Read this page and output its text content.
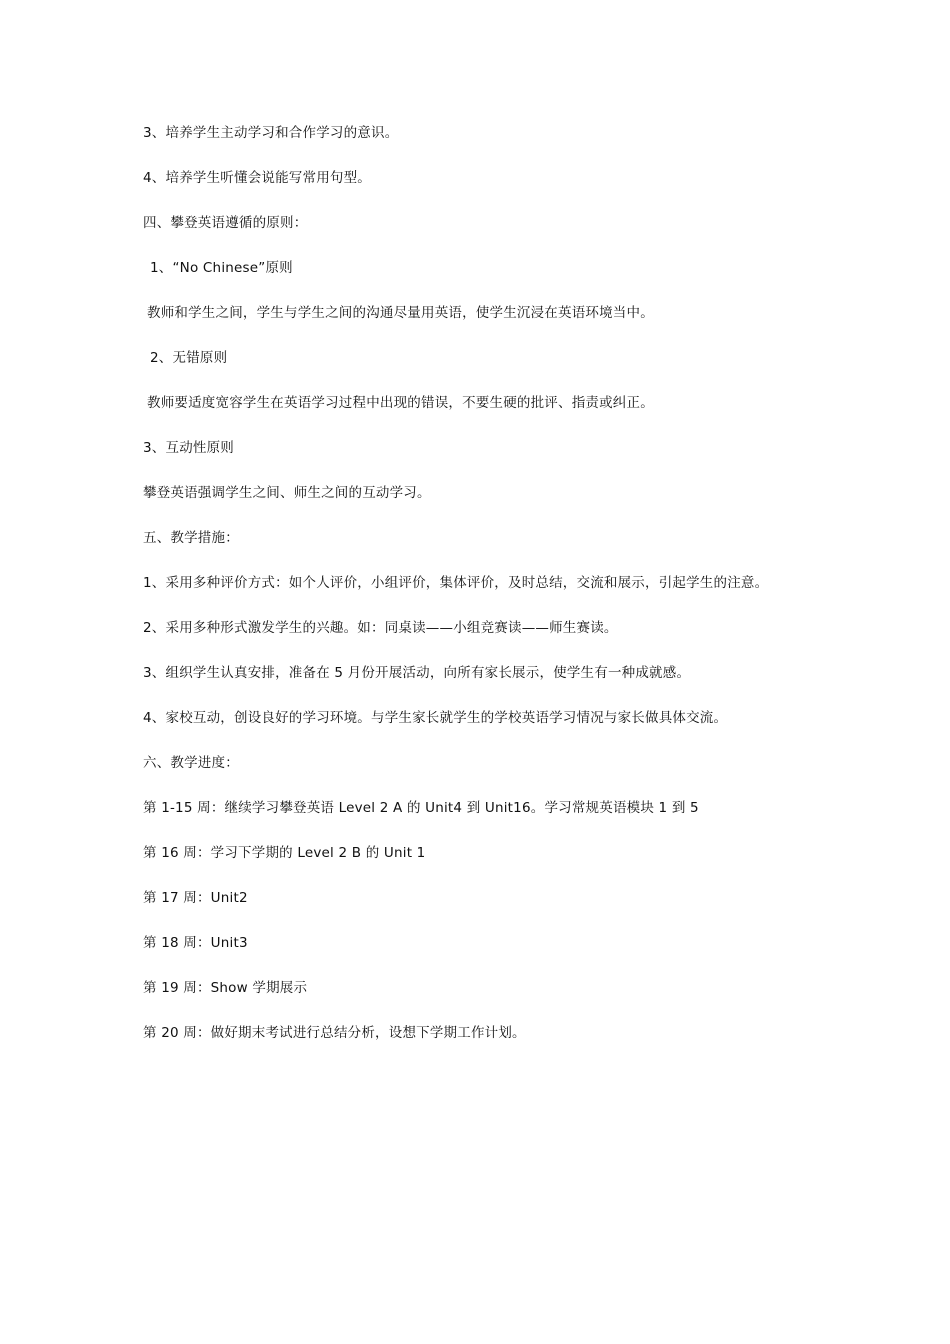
3、培养学生主动学习和合作学习的意识。
4、培养学生听懂会说能写常用句型。
四、攀登英语遵循的原则：
1、“No Chinese”原则
教师和学生之间，学生与学生之间的沟通尽量用英语，使学生沉浸在英语环境当中。
2、无错原则
教师要适度宽容学生在英语学习过程中出现的错误，不要生硬的批评、指责或纠正。
3、互动性原则
攀登英语强调学生之间、师生之间的互动学习。
五、教学措施：
1、采用多种评价方式：如个人评价，小组评价，集体评价，及时总结，交流和展示，引起学生的注意。
2、采用多种形式激发学生的兴趣。如：同桌读——小组竞赛读——师生赛读。
3、组织学生认真安排，准备在 5 月份开展活动，向所有家长展示，使学生有一种成就感。
4、家校互动，创设良好的学习环境。与学生家长就学生的学校英语学习情况与家长做具体交流。
六、教学进度：
第 1-15 周：继续学习攀登英语 Level 2 A 的 Unit4 到 Unit16。学习常规英语模块 1 到 5
第 16 周：学习下学期的 Level 2 B 的 Unit 1
第 17 周：Unit2
第 18 周：Unit3
第 19 周：Show 学期展示
第 20 周：做好期末考试进行总结分析，设想下学期工作计划。
